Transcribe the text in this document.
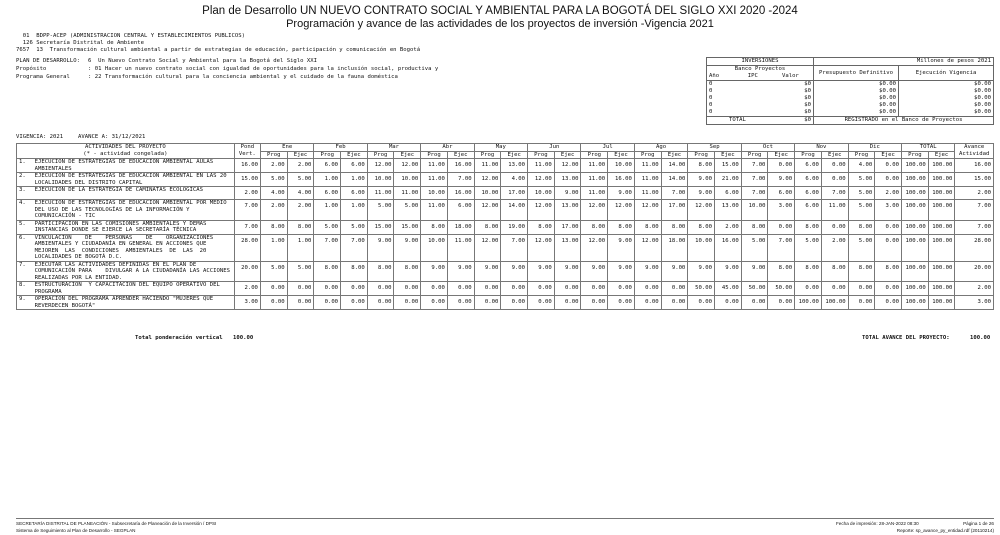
Plan de Desarrollo UN NUEVO CONTRATO SOCIAL Y AMBIENTAL PARA LA BOGOTÁ DEL SIGLO XXI 2020 -2024
Programación y avance de las actividades de los proyectos de inversión -Vigencia 2021
01  BDPP-ACEP (ADMINISTRACION CENTRAL Y ESTABLECIMIENTOS PUBLICOS)
126 Secretaría Distrital de Ambiente
7657  13  Transformación cultural ambiental a partir de estrategias de educación, participación y comunicación en Bogotá
PLAN DE DESARROLLO: 6  Un Nuevo Contrato Social y Ambiental para la Bogotá del Siglo XXI
Propósito	: 01 Hacer un nuevo contrato social con igualdad de oportunidades para la inclusión social, productiva y
Programa General	: 22 Transformación cultural para la conciencia ambiental y el cuidado de la fauna doméstica
INVERSIONES			Millones de pesos 2021	
Banco Proyectos			Presupuesto Definitivo	Ejecución Vigencia
Año	IPC	Valor		
0		$0	$0.00	$0.00
0		$0	$0.00	$0.00
0		$0	$0.00	$0.00
0		$0	$0.00	$0.00
0		$0	$0.00	$0.00
TOTAL		$0	REGISTRADO en el Banco de Proyectos	
VIGENCIA: 2021	AVANCE A: 31/12/2021
ACTIVIDADES DEL PROYECTO		Pond	Ene		Feb		Mar		Abr		May		Jun		Jul		Ago		Sep		Oct		Nov		Dic		TOTAL		Avance
(* - actividad congelada)		Vert.	Prog	Ejec	Prog	Ejec	Prog	Ejec	Prog	Ejec	Prog	Ejec	Prog	Ejec	Prog	Ejec	Prog	Ejec	Prog	Ejec	Prog	Ejec	Prog	Ejec	Prog	Ejec	Prog	Ejec	Actividad
1.	EJECUCIÓN DE ESTRATEGIAS DE EDUCACIÓN AMBIENTAL AULAS AMBIENTALES	16.00	2.00	2.00	6.00	6.00	12.00	12.00	11.00	16.00	11.00	13.00	11.00	12.00	11.00	10.00	11.00	14.00	8.00	15.00	7.00	0.00	6.00	0.00	4.00	0.00	100.00	100.00	16.00
2.	EJECUCIÓN DE ESTRATEGIAS DE EDUCACIÓN AMBIENTAL EN LAS 20 LOCALIDADES DEL DISTRITO CAPITAL	15.00	5.00	5.00	1.00	1.00	10.00	10.00	11.00	7.00	12.00	4.00	12.00	13.00	11.00	16.00	11.00	14.00	9.00	21.00	7.00	9.00	6.00	0.00	5.00	0.00	100.00	100.00	15.00
3.	EJECUCIÓN DE LA ESTRATEGIA DE CAMINATAS ECOLÓGICAS	2.00	4.00	4.00	6.00	6.00	11.00	11.00	10.00	16.00	10.00	17.00	10.00	9.00	11.00	9.00	11.00	7.00	9.00	6.00	7.00	6.00	6.00	7.00	5.00	2.00	100.00	100.00	2.00
4.	EJECUCIÓN DE ESTRATEGIAS DE EDUCACIÓN AMBIENTAL POR MEDIO DEL USO DE LAS TECNOLOGÍAS DE LA INFORMACIÓN Y COMUNICACIÓN - TIC	7.00	2.00	2.00	1.00	1.00	5.00	5.00	11.00	6.00	12.00	14.00	12.00	13.00	12.00	12.00	12.00	17.00	12.00	13.00	10.00	3.00	6.00	11.00	5.00	3.00	100.00	100.00	7.00
5.	PARTICIPACIÓN EN LAS COMISIONES AMBIENTALES Y DEMÁS INSTANCIAS DONDE SE EJERCE LA SECRETARÍA TÉCNICA	7.00	8.00	8.00	5.00	5.00	15.00	15.00	8.00	18.00	8.00	19.00	8.00	17.00	8.00	8.00	8.00	8.00	8.00	2.00	8.00	0.00	8.00	0.00	8.00	0.00	100.00	100.00	7.00
6.	VINCULACIÓN    DE    PERSONAS    DE    ORGANIZACIONES AMBIENTALES Y CIUDADANÍA EN GENERAL EN ACCIONES QUE MEJOREN  LAS  CONDICIONES  AMBIENTALES  DE  LAS  20 LOCALIDADES DE BOGOTÁ D.C.	28.00	1.00	1.00	7.00	7.00	9.00	9.00	10.00	11.00	12.00	7.00	12.00	13.00	12.00	9.00	12.00	18.00	10.00	16.00	5.00	7.00	5.00	2.00	5.00	0.00	100.00	100.00	28.00
7.	EJECUTAR LAS ACTIVIDADES DEFINIDAS EN EL PLAN DE COMUNICACIÓN PARA    DIVULGAR A LA CIUDADANÍA LAS ACCIONES REALIZADAS POR LA ENTIDAD.	20.00	5.00	5.00	8.00	8.00	8.00	8.00	9.00	9.00	9.00	9.00	9.00	9.00	9.00	9.00	9.00	9.00	9.00	9.00	9.00	8.00	8.00	8.00	8.00	8.00	100.00	100.00	20.00
8.	ESTRUCTURACIÓN  Y CAPACITACIÓN DEL EQUIPO OPERATIVO DEL PROGRAMA	2.00	0.00	0.00	0.00	0.00	0.00	0.00	0.00	0.00	0.00	0.00	0.00	0.00	0.00	0.00	0.00	0.00	50.00	45.00	50.00	50.00	0.00	0.00	0.00	0.00	100.00	100.00	2.00
9.	OPERACIÓN DEL PROGRAMA APRENDER HACIENDO "MUJERES QUE REVERDECEN BOGOTÁ"	3.00	0.00	0.00	0.00	0.00	0.00	0.00	0.00	0.00	0.00	0.00	0.00	0.00	0.00	0.00	0.00	0.00	0.00	0.00	0.00	0.00	100.00	100.00	0.00	0.00	100.00	100.00	3.00
Total ponderación vertical 100.00	TOTAL AVANCE DEL PROYECTO:	100.00
SECRETARÍA DISTRITAL DE PLANEACIÓN - Subsecretaría de Planeación de la Inversión / DPSI
Sistema de Seguimiento al Plan de Desarrollo - SEGPLAN
Fecha de impresión: 28-JAN-2022 08:30	Página 1 de 26
Reporte: sp_avance_py_entidad.rdf (20110214)
